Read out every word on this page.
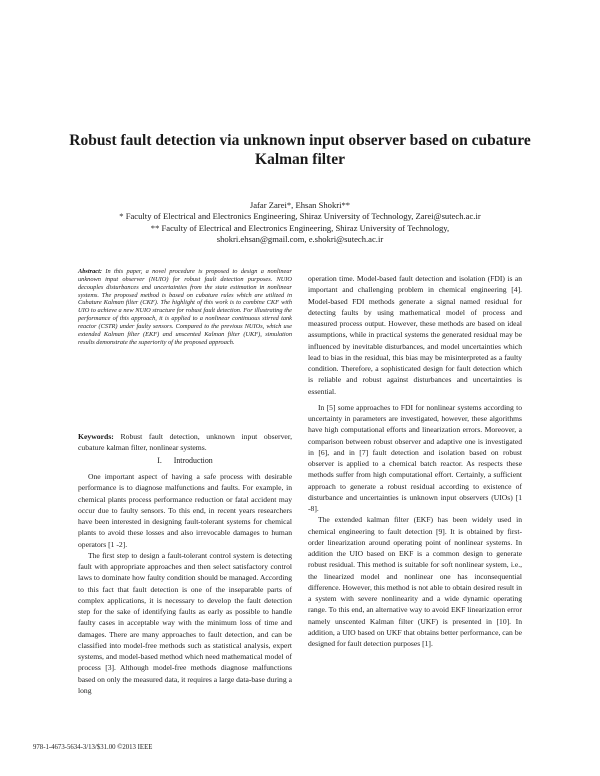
Robust fault detection via unknown input observer based on cubature Kalman filter
Jafar Zarei*, Ehsan Shokri**
* Faculty of Electrical and Electronics Engineering, Shiraz University of Technology, Zarei@sutech.ac.ir
** Faculty of Electrical and Electronics Engineering, Shiraz University of Technology,
shokri.ehsan@gmail.com, e.shokri@sutech.ac.ir

Abstract: In this paper, a novel procedure is proposed to design a nonlinear unknown input observer (NUIO) for robust fault detection purposes. NUIO decouples disturbances and uncertainties from the state estimation in nonlinear systems. The proposed method is based on cubature rules which are utilized in Cubature Kalman filter (CKF). The highlight of this work is to combine CKF with UIO to achieve a new NUIO structure for robust fault detection. For illustrating the performance of this approach, it is applied to a nonlinear continuous stirred tank reactor (CSTR) under faulty sensors. Compared to the previous NUIOs, which use extended Kalman filter (EKF) and unscented Kalman filter (UKF), simulation results demonstrate the superiority of the proposed approach.

Keywords: Robust fault detection, unknown input observer, cubature kalman filter, nonlinear systems.

I. Introduction

One important aspect of having a safe process with desirable performance is to diagnose malfunctions and faults. For example, in chemical plants process performance reduction or fatal accident may occur due to faulty sensors. To this end, in recent years researchers have been interested in designing fault-tolerant systems for chemical plants to avoid these losses and also irrevocable damages to human operators [1 -2].

The first step to design a fault-tolerant control system is detecting fault with appropriate approaches and then select satisfactory control laws to dominate how faulty condition should be managed. According to this fact that fault detection is one of the inseparable parts of complex applications, it is necessary to develop the fault detection step for the sake of identifying faults as early as possible to handle faulty cases in acceptable way with the minimum loss of time and damages. There are many approaches to fault detection, and can be classified into model-free methods such as statistical analysis, expert systems, and model-based method which need mathematical model of process [3]. Although model-free methods diagnose malfunctions based on only the measured data, it requires a large data-base during a long

operation time. Model-based fault detection and isolation (FDI) is an important and challenging problem in chemical engineering [4]. Model-based FDI methods generate a signal named residual for detecting faults by using mathematical model of process and measured process output. However, these methods are based on ideal assumptions, while in practical systems the generated residual may be influenced by inevitable disturbances, and model uncertainties which lead to bias in the residual, this bias may be misinterpreted as a faulty condition. Therefore, a sophisticated design for fault detection which is reliable and robust against disturbances and uncertainties is essential.

In [5] some approaches to FDI for nonlinear systems according to uncertainty in parameters are investigated, however, these algorithms have high computational efforts and linearization errors. Moreover, a comparison between robust observer and adaptive one is investigated in [6], and in [7] fault detection and isolation based on robust observer is applied to a chemical batch reactor. As respects these methods suffer from high computational effort. Certainly, a sufficient approach to generate a robust residual according to existence of disturbance and uncertainties is unknown input observers (UIOs) [1 -8].

The extended kalman filter (EKF) has been widely used in chemical engineering to fault detection [9]. It is obtained by first-order linearization around operating point of nonlinear systems. In addition the UIO based on EKF is a common design to generate robust residual. This method is suitable for soft nonlinear system, i.e., the linearized model and nonlinear one has inconsequential difference. However, this method is not able to obtain desired result in a system with severe nonlinearity and a wide dynamic operating range. To this end, an alternative way to avoid EKF linearization error namely unscented Kalman filter (UKF) is presented in [10]. In addition, a UIO based on UKF that obtains better performance, can be designed for fault detection purposes [1].

978-1-4673-5634-3/13/$31.00 ©2013 IEEE
